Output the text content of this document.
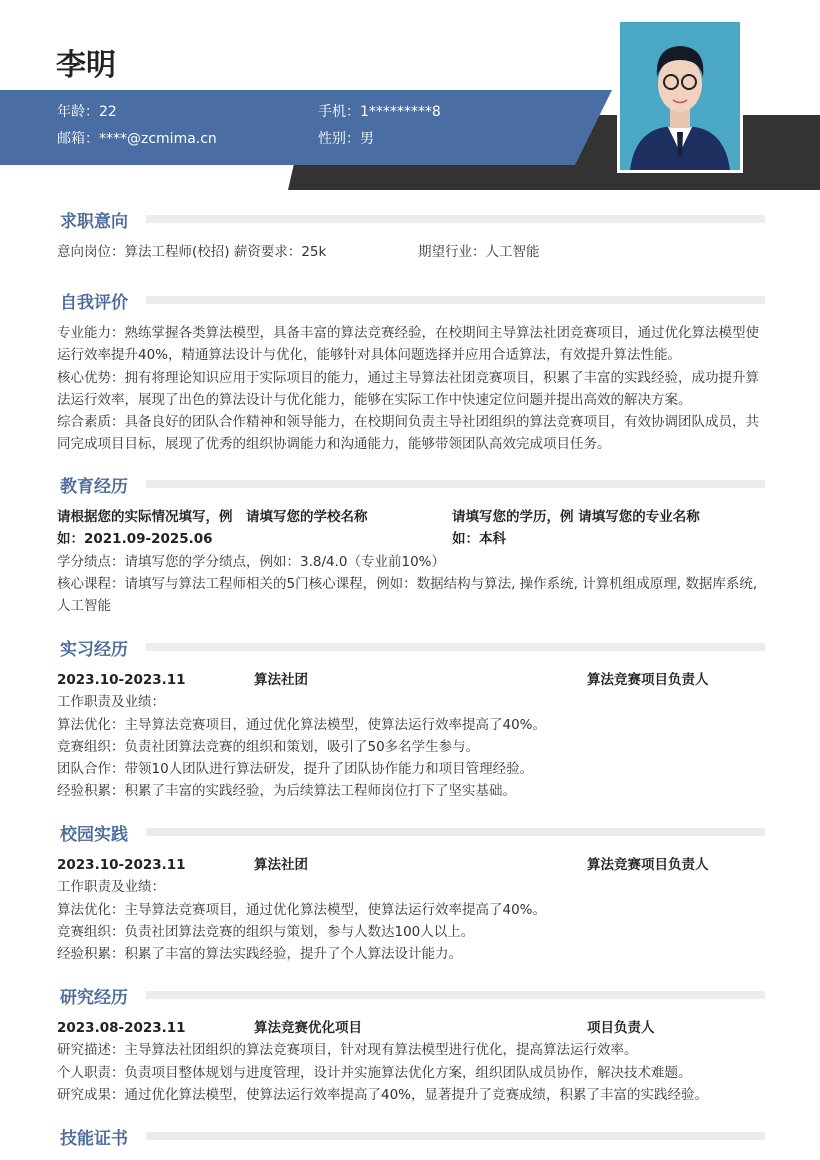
李明
年龄：22	手机：1*********8
邮箱：****@zcmima.cn	性别：男
求职意向
意向岗位：算法工程师(校招) 薪资要求：25k	期望行业：人工智能
自我评价
专业能力：熟练掌握各类算法模型，具备丰富的算法竞赛经验，在校期间主导算法社团竞赛项目，通过优化算法模型使运行效率提升40%，精通算法设计与优化，能够针对具体问题选择并应用合适算法，有效提升算法性能。
核心优势：拥有将理论知识应用于实际项目的能力，通过主导算法社团竞赛项目，积累了丰富的实践经验，成功提升算法运行效率，展现了出色的算法设计与优化能力，能够在实际工作中快速定位问题并提出高效的解决方案。
综合素质：具备良好的团队合作精神和领导能力，在校期间负责主导社团组织的算法竞赛项目，有效协调团队成员，共同完成项目目标，展现了优秀的组织协调能力和沟通能力，能够带领团队高效完成项目任务。
教育经历
请根据您的实际情况填写，例　请填写您的学校名称	请填写您的学历，例 请填写您的专业名称
如：2021.09-2025.06	如：本科
学分绩点：请填写您的学分绩点，例如：3.8/4.0（专业前10%）
核心课程：请填写与算法工程师相关的5门核心课程，例如：数据结构与算法, 操作系统, 计算机组成原理, 数据库系统, 人工智能
实习经历
2023.10-2023.11	算法社团	算法竞赛项目负责人
工作职责及业绩：
算法优化：主导算法竞赛项目，通过优化算法模型，使算法运行效率提高了40%。
竞赛组织：负责社团算法竞赛的组织和策划，吸引了50多名学生参与。
团队合作：带领10人团队进行算法研发，提升了团队协作能力和项目管理经验。
经验积累：积累了丰富的实践经验，为后续算法工程师岗位打下了坚实基础。
校园实践
2023.10-2023.11	算法社团	算法竞赛项目负责人
工作职责及业绩：
算法优化：主导算法竞赛项目，通过优化算法模型，使算法运行效率提高了40%。
竞赛组织：负责社团算法竞赛的组织与策划，参与人数达100人以上。
经验积累：积累了丰富的算法实践经验，提升了个人算法设计能力。
研究经历
2023.08-2023.11	算法竞赛优化项目	项目负责人
研究描述：主导算法社团组织的算法竞赛项目，针对现有算法模型进行优化，提高算法运行效率。
个人职责：负责项目整体规划与进度管理，设计并实施算法优化方案，组织团队成员协作，解决技术难题。
研究成果：通过优化算法模型，使算法运行效率提高了40%，显著提升了竞赛成绩，积累了丰富的实践经验。
技能证书
